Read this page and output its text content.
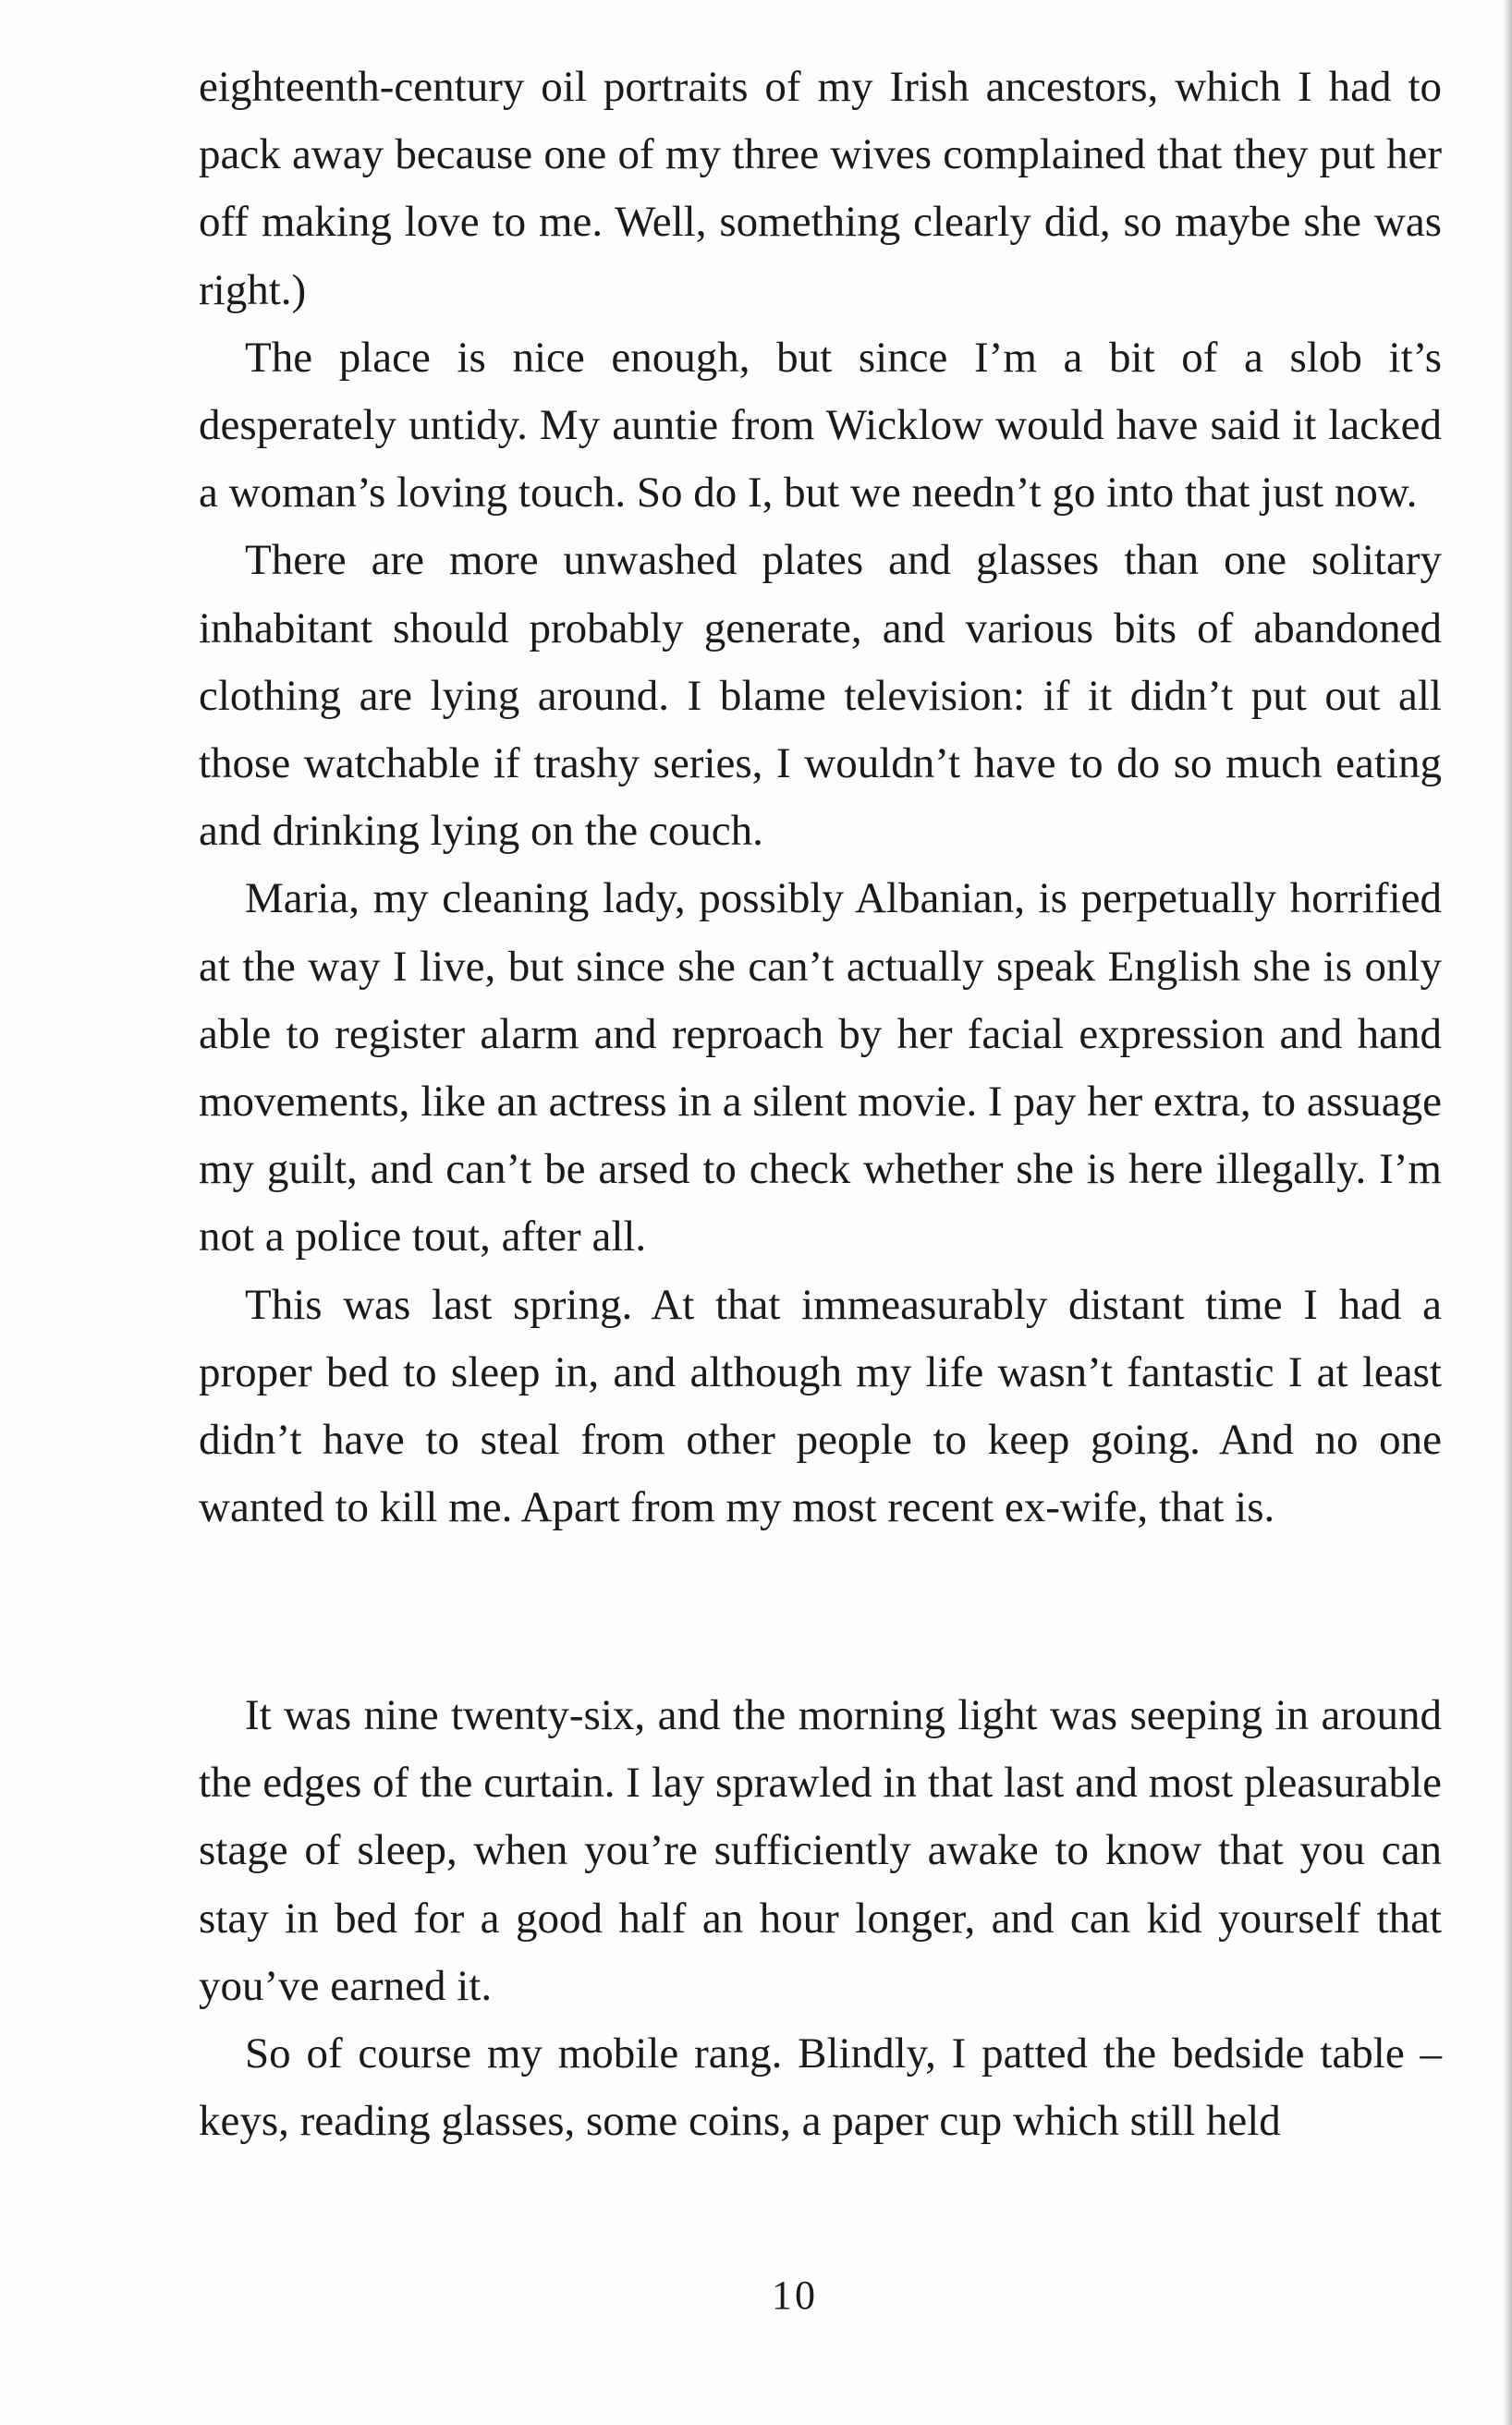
eighteenth-century oil portraits of my Irish ancestors, which I had to pack away because one of my three wives complained that they put her off making love to me. Well, something clearly did, so maybe she was right.)

The place is nice enough, but since I’m a bit of a slob it’s desperately untidy. My auntie from Wicklow would have said it lacked a woman’s loving touch. So do I, but we needn’t go into that just now.

There are more unwashed plates and glasses than one solitary inhabitant should probably generate, and various bits of abandoned clothing are lying around. I blame television: if it didn’t put out all those watchable if trashy series, I wouldn’t have to do so much eating and drinking lying on the couch.

Maria, my cleaning lady, possibly Albanian, is perpetually horrified at the way I live, but since she can’t actually speak English she is only able to register alarm and reproach by her facial expression and hand movements, like an actress in a silent movie. I pay her extra, to assuage my guilt, and can’t be arsed to check whether she is here illegally. I’m not a police tout, after all.

This was last spring. At that immeasurably distant time I had a proper bed to sleep in, and although my life wasn’t fantastic I at least didn’t have to steal from other people to keep going. And no one wanted to kill me. Apart from my most recent ex-wife, that is.

It was nine twenty-six, and the morning light was seeping in around the edges of the curtain. I lay sprawled in that last and most pleasurable stage of sleep, when you’re sufficiently awake to know that you can stay in bed for a good half an hour longer, and can kid yourself that you’ve earned it.

So of course my mobile rang. Blindly, I patted the bedside table – keys, reading glasses, some coins, a paper cup which still held

10
